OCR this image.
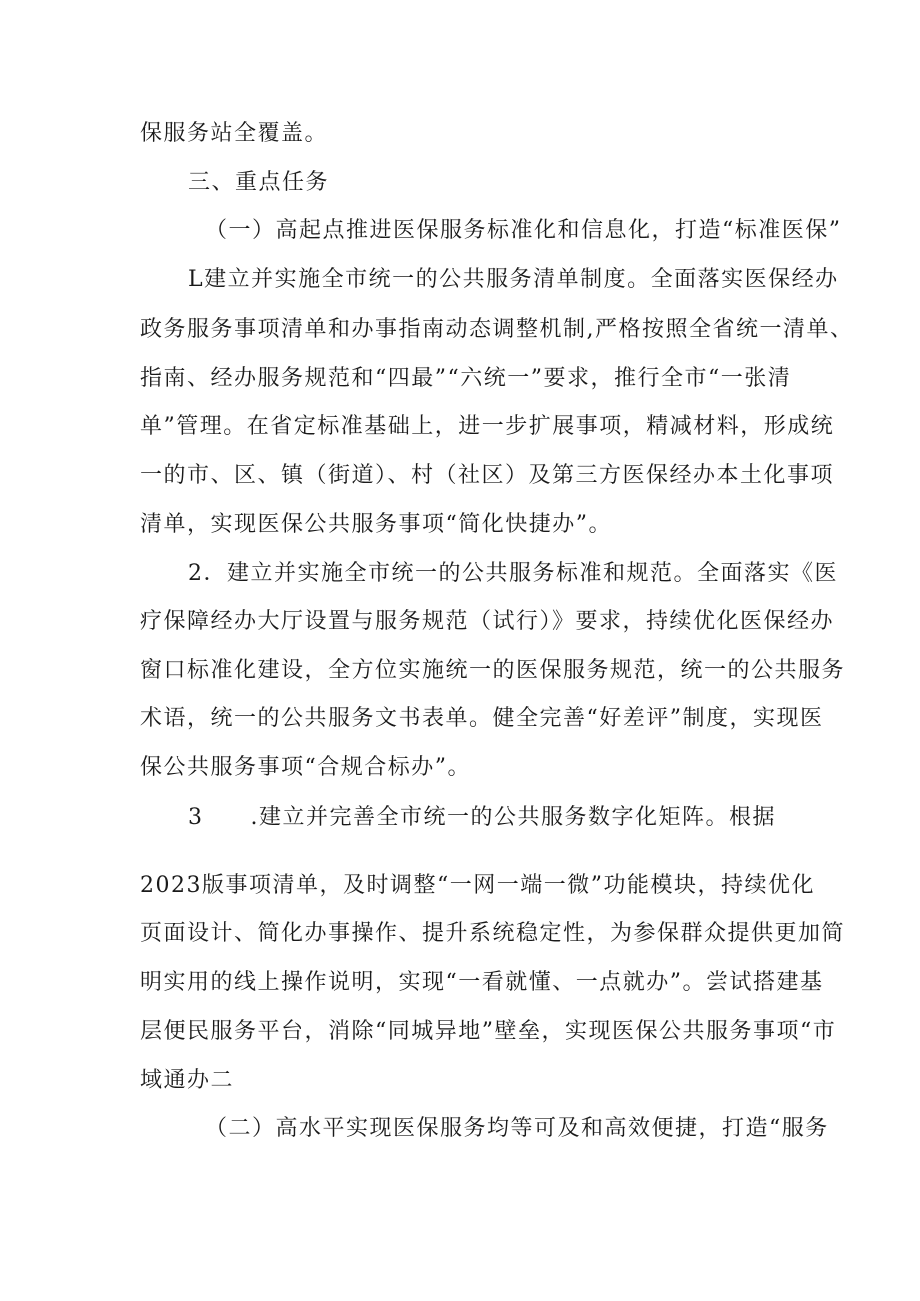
保服务站全覆盖。
三、重点任务
（一）高起点推进医保服务标准化和信息化，打造“标准医保”
L建立并实施全市统一的公共服务清单制度。全面落实医保经办
政务服务事项清单和办事指南动态调整机制,严格按照全省统一清单、
指南、经办服务规范和“四最”“六统一”要求，推行全市“一张清
单”管理。在省定标准基础上，进一步扩展事项，精减材料，形成统
一的市、区、镇（街道）、村（社区）及第三方医保经办本土化事项
清单，实现医保公共服务事项“简化快捷办”。
2．建立并实施全市统一的公共服务标准和规范。全面落实《医
疗保障经办大厅设置与服务规范（试行）》要求，持续优化医保经办
窗口标准化建设，全方位实施统一的医保服务规范，统一的公共服务
术语，统一的公共服务文书表单。健全完善“好差评”制度，实现医
保公共服务事项“合规合标办”。
3　　.建立并完善全市统一的公共服务数字化矩阵。根据
2023版事项清单，及时调整“一网一端一微”功能模块，持续优化
页面设计、简化办事操作、提升系统稳定性，为参保群众提供更加简
明实用的线上操作说明，实现“一看就懂、一点就办”。尝试搭建基
层便民服务平台，消除“同城异地”壁垒，实现医保公共服务事项“市
域通办二
（二）高水平实现医保服务均等可及和高效便捷，打造“服务
